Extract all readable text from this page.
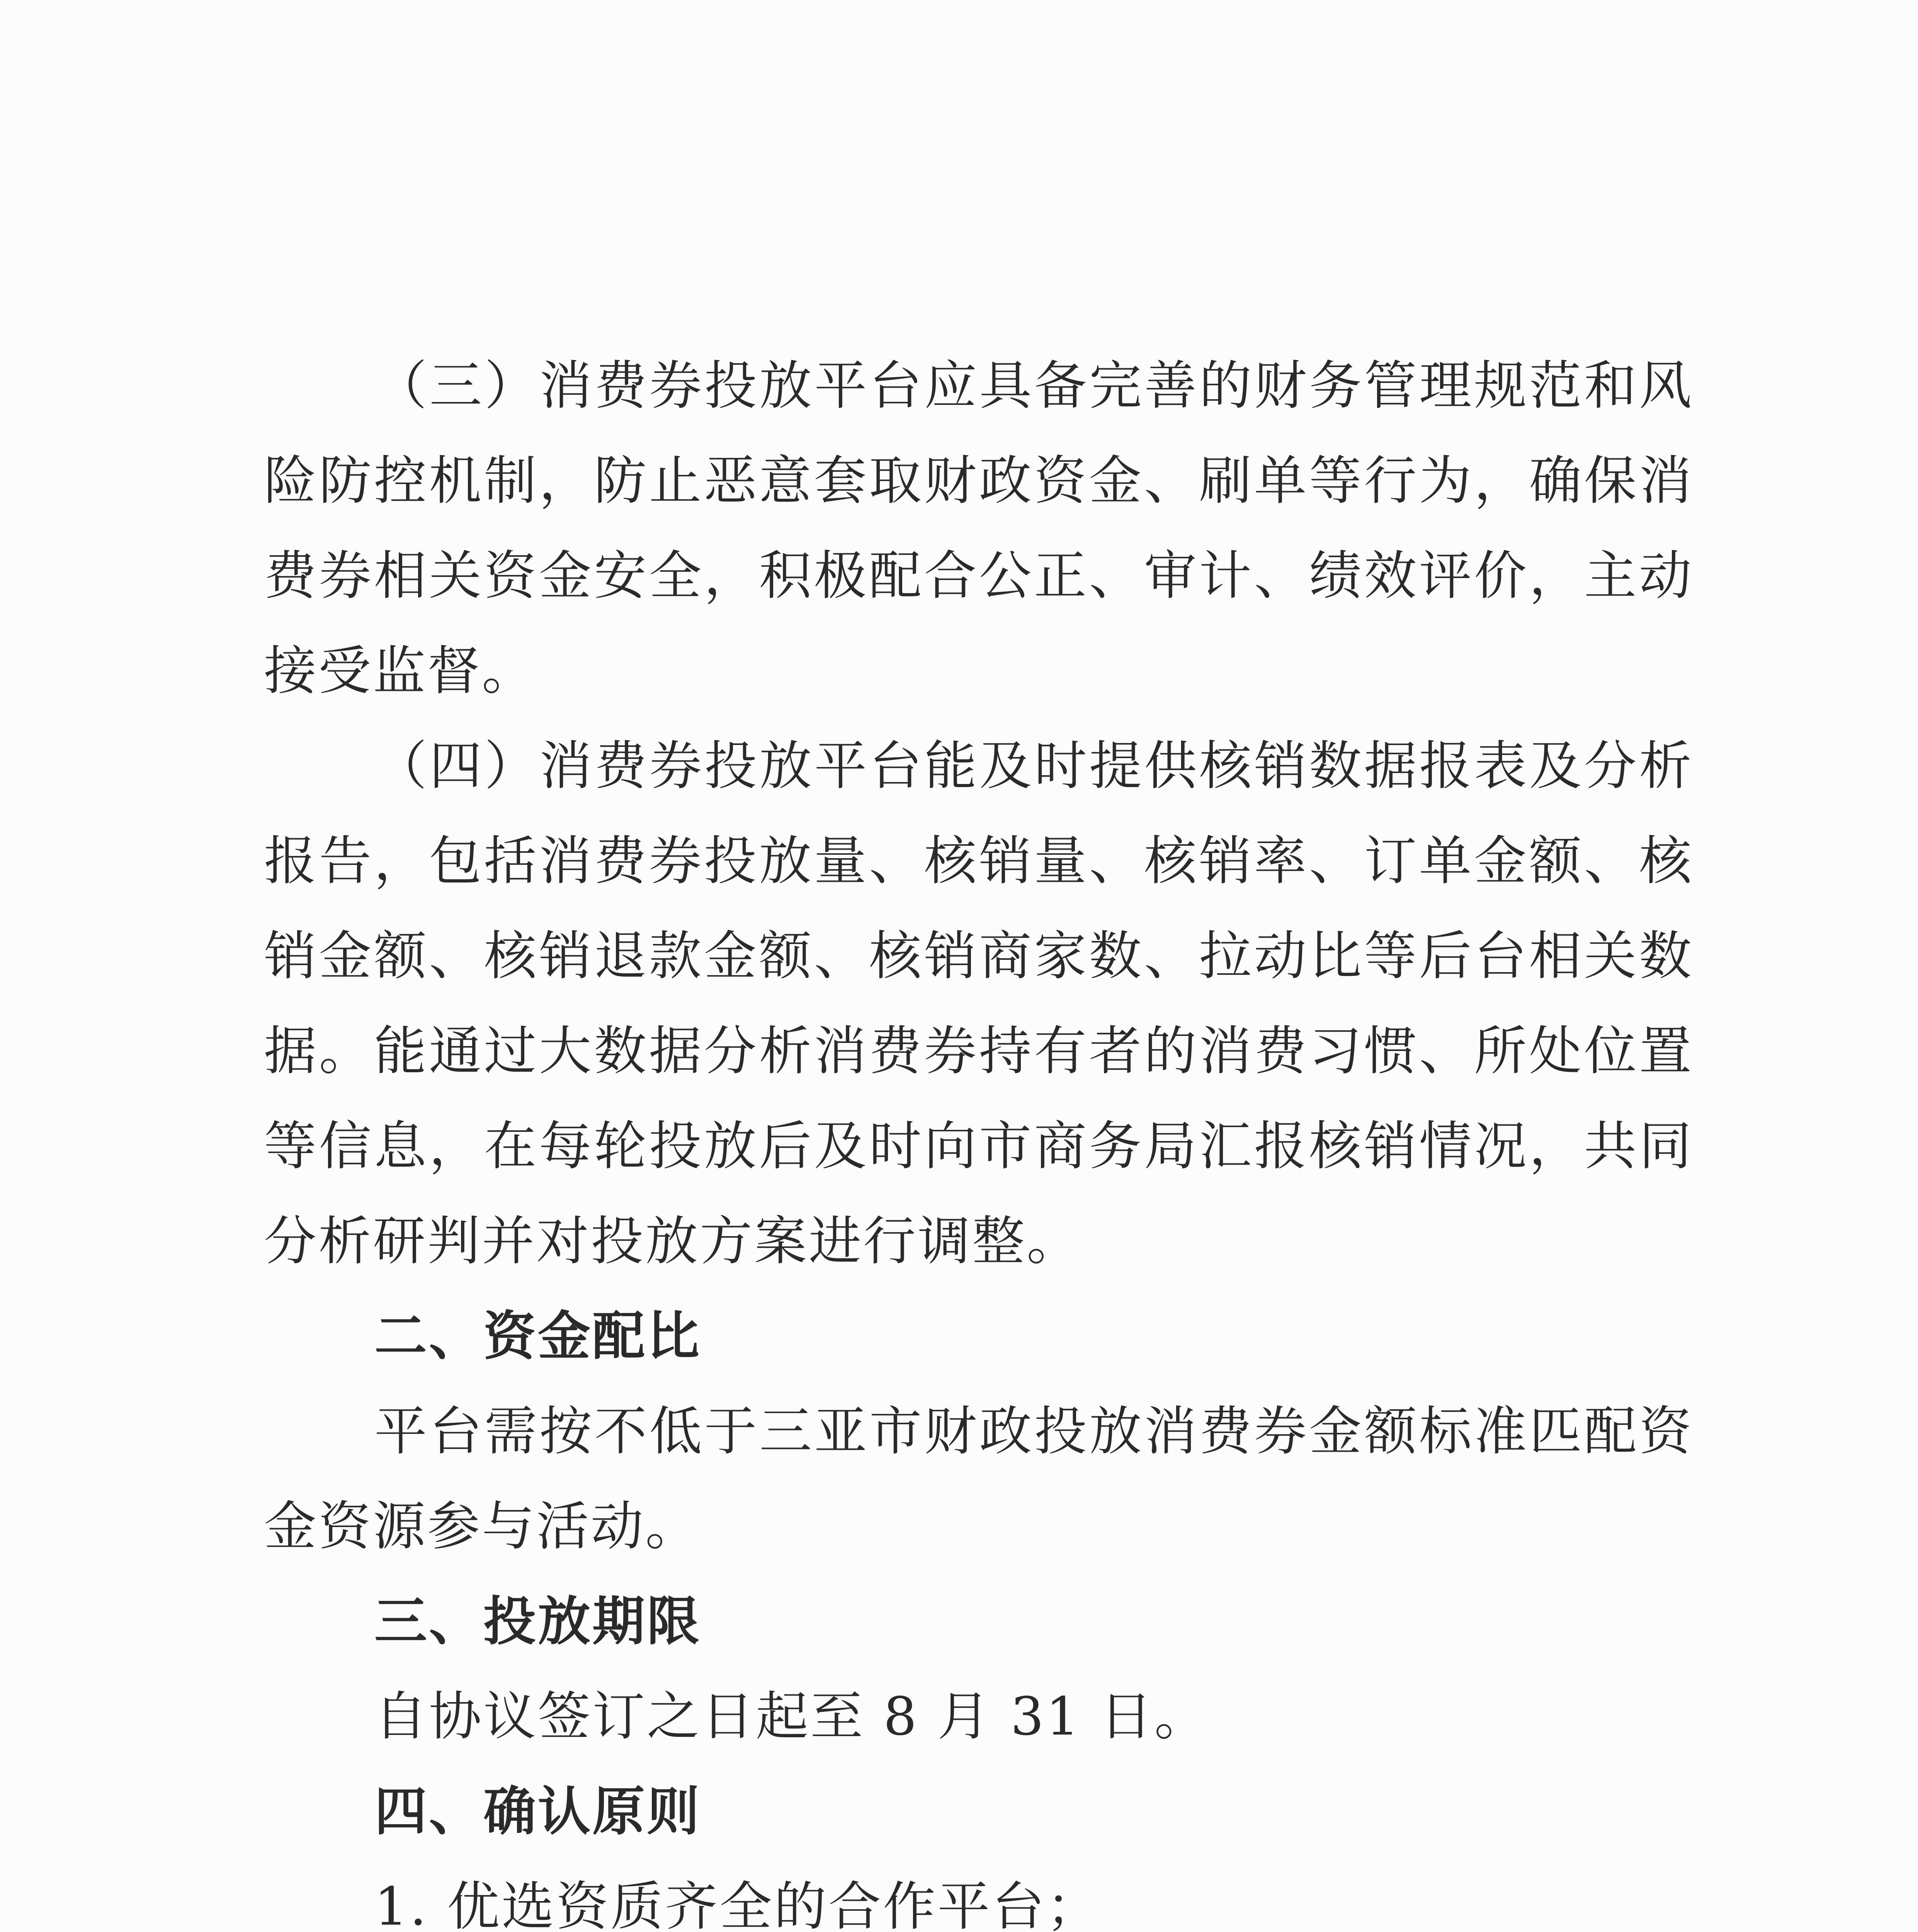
（三）消费券投放平台应具备完善的财务管理规范和风险防控机制，防止恶意套取财政资金、刷单等行为，确保消费券相关资金安全，积极配合公正、审计、绩效评价，主动接受监督。

（四）消费券投放平台能及时提供核销数据报表及分析报告，包括消费券投放量、核销量、核销率、订单金额、核销金额、核销退款金额、核销商家数、拉动比等后台相关数据。能通过大数据分析消费券持有者的消费习惯、所处位置等信息，在每轮投放后及时向市商务局汇报核销情况，共同分析研判并对投放方案进行调整。

二、资金配比

平台需按不低于三亚市财政投放消费券金额标准匹配资金资源参与活动。

三、投放期限

自协议签订之日起至 8 月 31 日。

四、确认原则

1. 优选资质齐全的合作平台；
